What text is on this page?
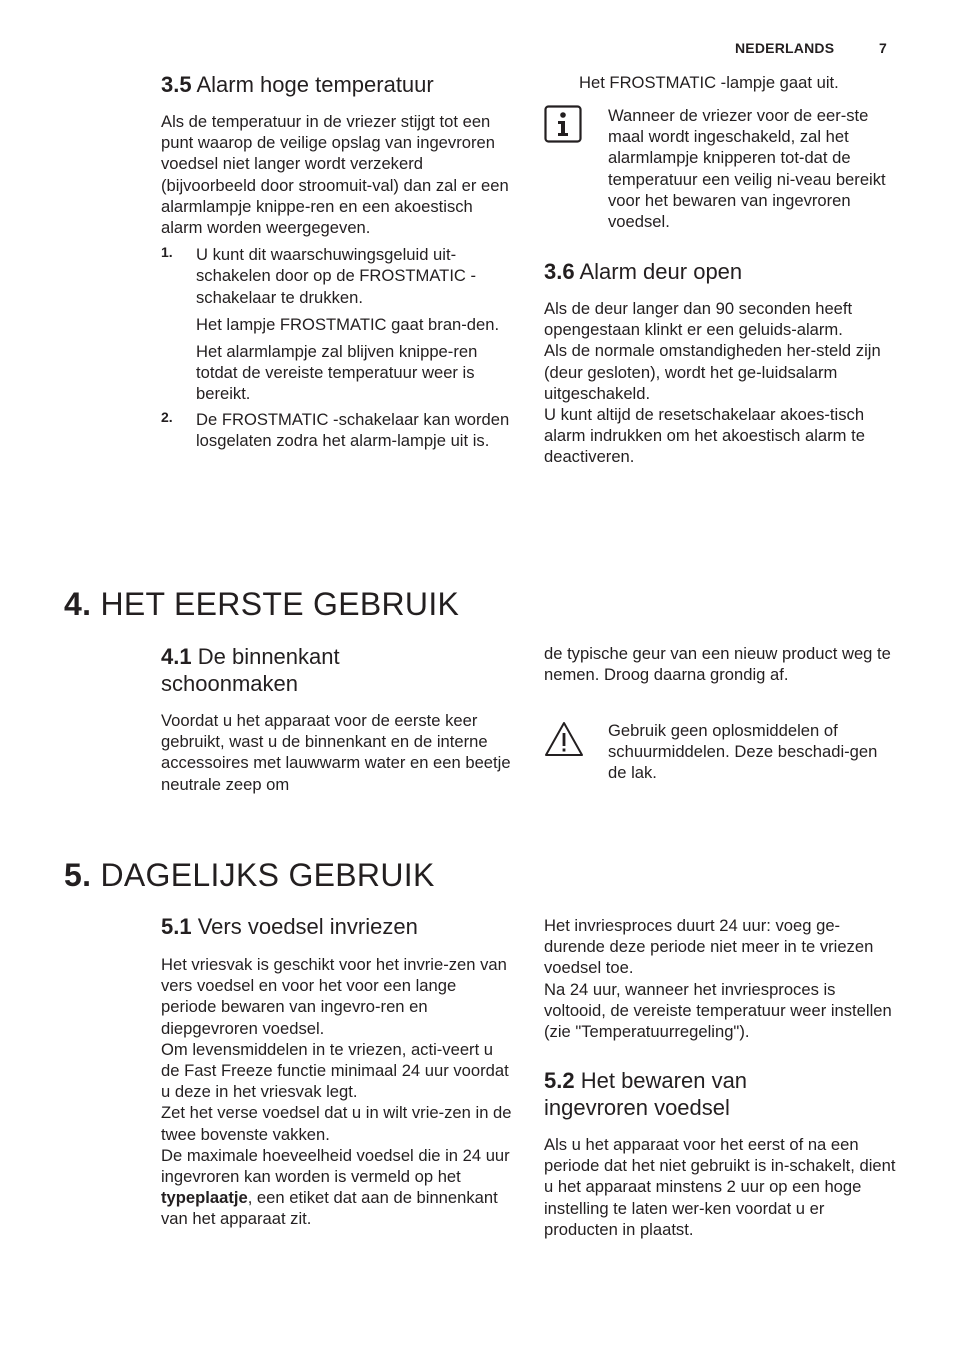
NEDERLANDS	7
3.5 Alarm hoge temperatuur

Als de temperatuur in de vriezer stijgt tot een punt waarop de veilige opslag van ingevroren voedsel niet langer wordt verzekerd (bijvoorbeeld door stroomuit-val) dan zal er een alarmlampje knippe-ren en een akoestisch alarm worden weergegeven.

1. U kunt dit waarschuwingsgeluid uit-schakelen door op de FROSTMATIC -schakelaar te drukken.

Het lampje FROSTMATIC gaat bran-den.

Het alarmlampje zal blijven knippe-ren totdat de vereiste temperatuur weer is bereikt.

2. De FROSTMATIC -schakelaar kan worden losgelaten zodra het alarm-lampje uit is.

Het FROSTMATIC -lampje gaat uit.

Wanneer de vriezer voor de eer-ste maal wordt ingeschakeld, zal het alarmlampje knipperen tot-dat de temperatuur een veilig ni-veau bereikt voor het bewaren van ingevroren voedsel.

3.6 Alarm deur open

Als de deur langer dan 90 seconden heeft opengestaan klinkt er een geluids-alarm.

Als de normale omstandigheden her-steld zijn (deur gesloten), wordt het ge-luidsalarm uitgeschakeld.

U kunt altijd de resetschakelaar akoes-tisch alarm indrukken om het akoestisch alarm te deactiveren.

4. HET EERSTE GEBRUIK
4.1 De binnenkant
schoonmaken

Voordat u het apparaat voor de eerste keer gebruikt, wast u de binnenkant en de interne accessoires met lauwwarm water en een beetje neutrale zeep om

de typische geur van een nieuw product weg te nemen. Droog daarna grondig af.

Gebruik geen oplosmiddelen of schuurmiddelen. Deze beschadi-gen de lak.

5. DAGELIJKS GEBRUIK
5.1 Vers voedsel invriezen

Het vriesvak is geschikt voor het invrie-zen van vers voedsel en voor het voor een lange periode bewaren van ingevro-ren en diepgevroren voedsel.

Om levensmiddelen in te vriezen, acti-veert u de Fast Freeze functie minimaal 24 uur voordat u deze in het vriesvak legt.

Zet het verse voedsel dat u in wilt vrie-zen in de twee bovenste vakken.

De maximale hoeveelheid voedsel die in 24 uur ingevroren kan worden is vermeld op het typeplaatje, een etiket dat aan de binnenkant van het apparaat zit.

Het invriesproces duurt 24 uur: voeg ge-durende deze periode niet meer in te vriezen voedsel toe.

Na 24 uur, wanneer het invriesproces is voltooid, de vereiste temperatuur weer instellen (zie "Temperatuurregeling").

5.2 Het bewaren van
ingevroren voedsel

Als u het apparaat voor het eerst of na een periode dat het niet gebruikt is in-schakelt, dient u het apparaat minstens 2 uur op een hoge instelling te laten wer-ken voordat u er producten in plaatst.
